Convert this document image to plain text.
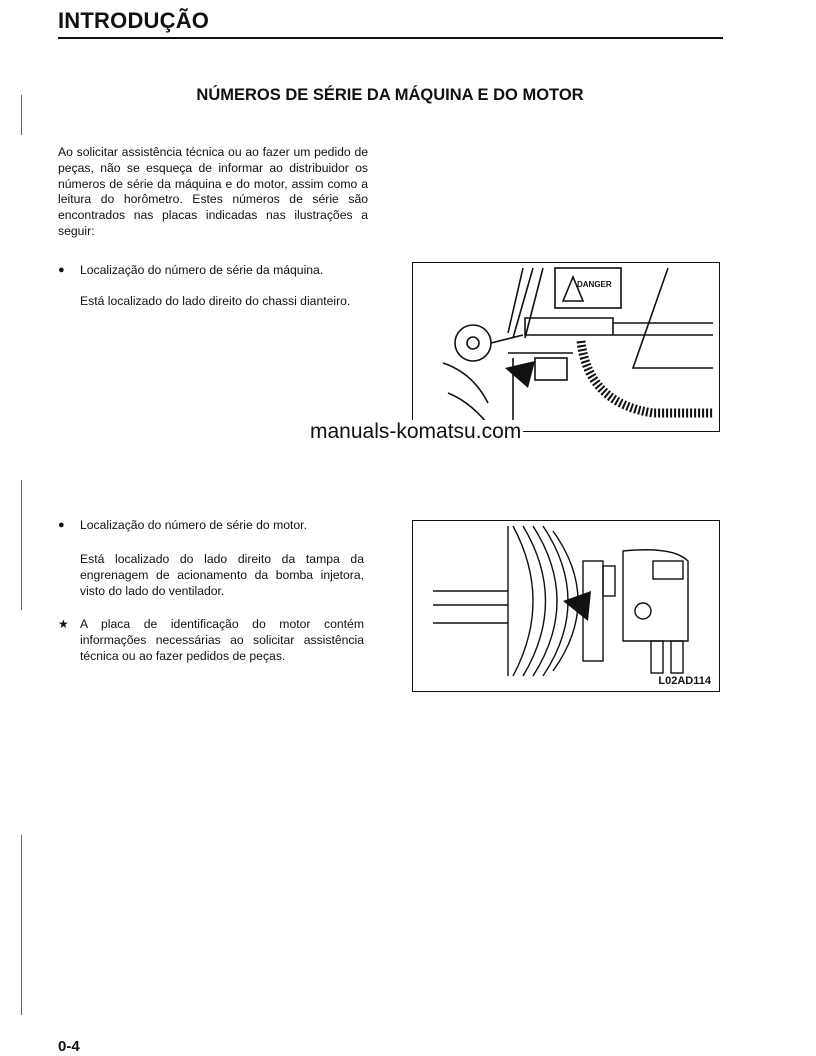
INTRODUÇÃO
NÚMEROS DE SÉRIE DA MÁQUINA E DO MOTOR
Ao solicitar assistência técnica ou ao fazer um pedido de peças, não se esqueça de informar ao distribuidor os números de série da máquina e do motor, assim como a leitura do horômetro. Estes números de série são encontrados nas placas indicadas nas ilustrações a seguir:
●	Localização do número de série da máquina.
Está localizado do lado direito do chassi dianteiro.
●	Localização do número de série do motor.
Está localizado do lado direito da tampa da engrenagem de acionamento da bomba injetora, visto do lado do ventilador.
★ A placa de identificação do motor contém informações necessárias ao solicitar assistência técnica ou ao fazer pedidos de peças.
DANGER
manuals-komatsu.com
L02AD114
0-4
